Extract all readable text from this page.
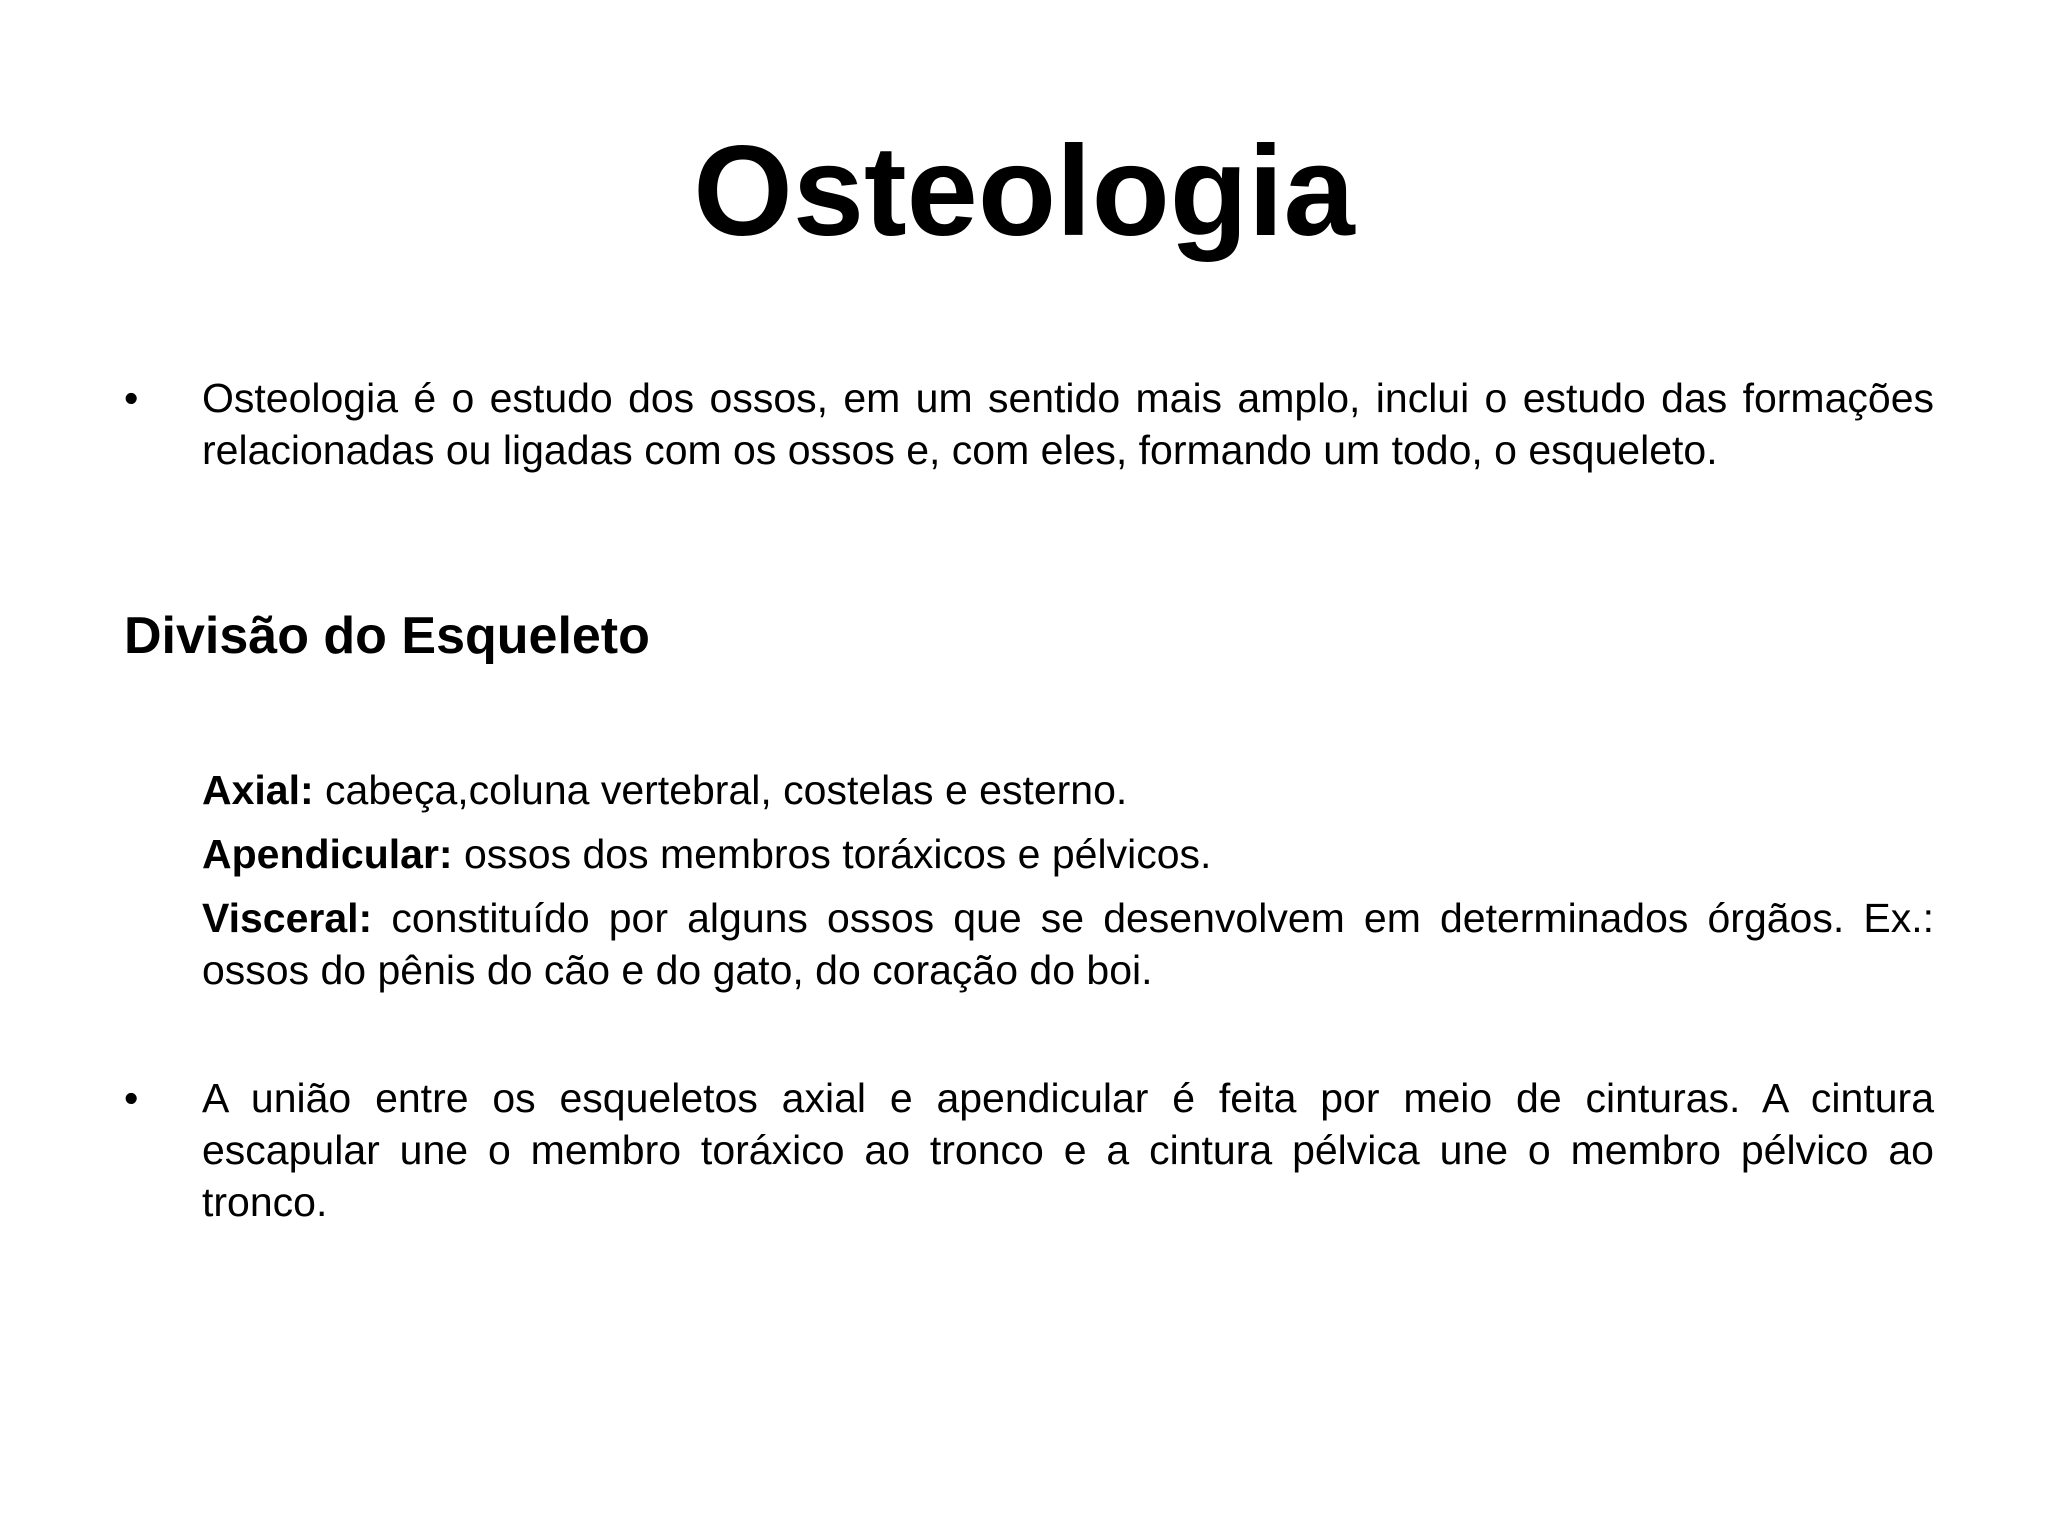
Osteologia
•	Osteologia é o estudo dos ossos, em um sentido mais amplo, inclui o estudo das formações relacionadas ou ligadas com os ossos e, com eles, formando um todo, o esqueleto.
Divisão do Esqueleto
Axial: cabeça,coluna vertebral, costelas e esterno.
Apendicular: ossos dos membros toráxicos e pélvicos.
Visceral: constituído por alguns ossos que se desenvolvem em determinados órgãos. Ex.: ossos do pênis do cão e do gato, do coração do boi.
•	A união entre os esqueletos axial e apendicular é feita por meio de cinturas. A cintura escapular une o membro toráxico ao tronco e a cintura pélvica une o membro pélvico ao tronco.
